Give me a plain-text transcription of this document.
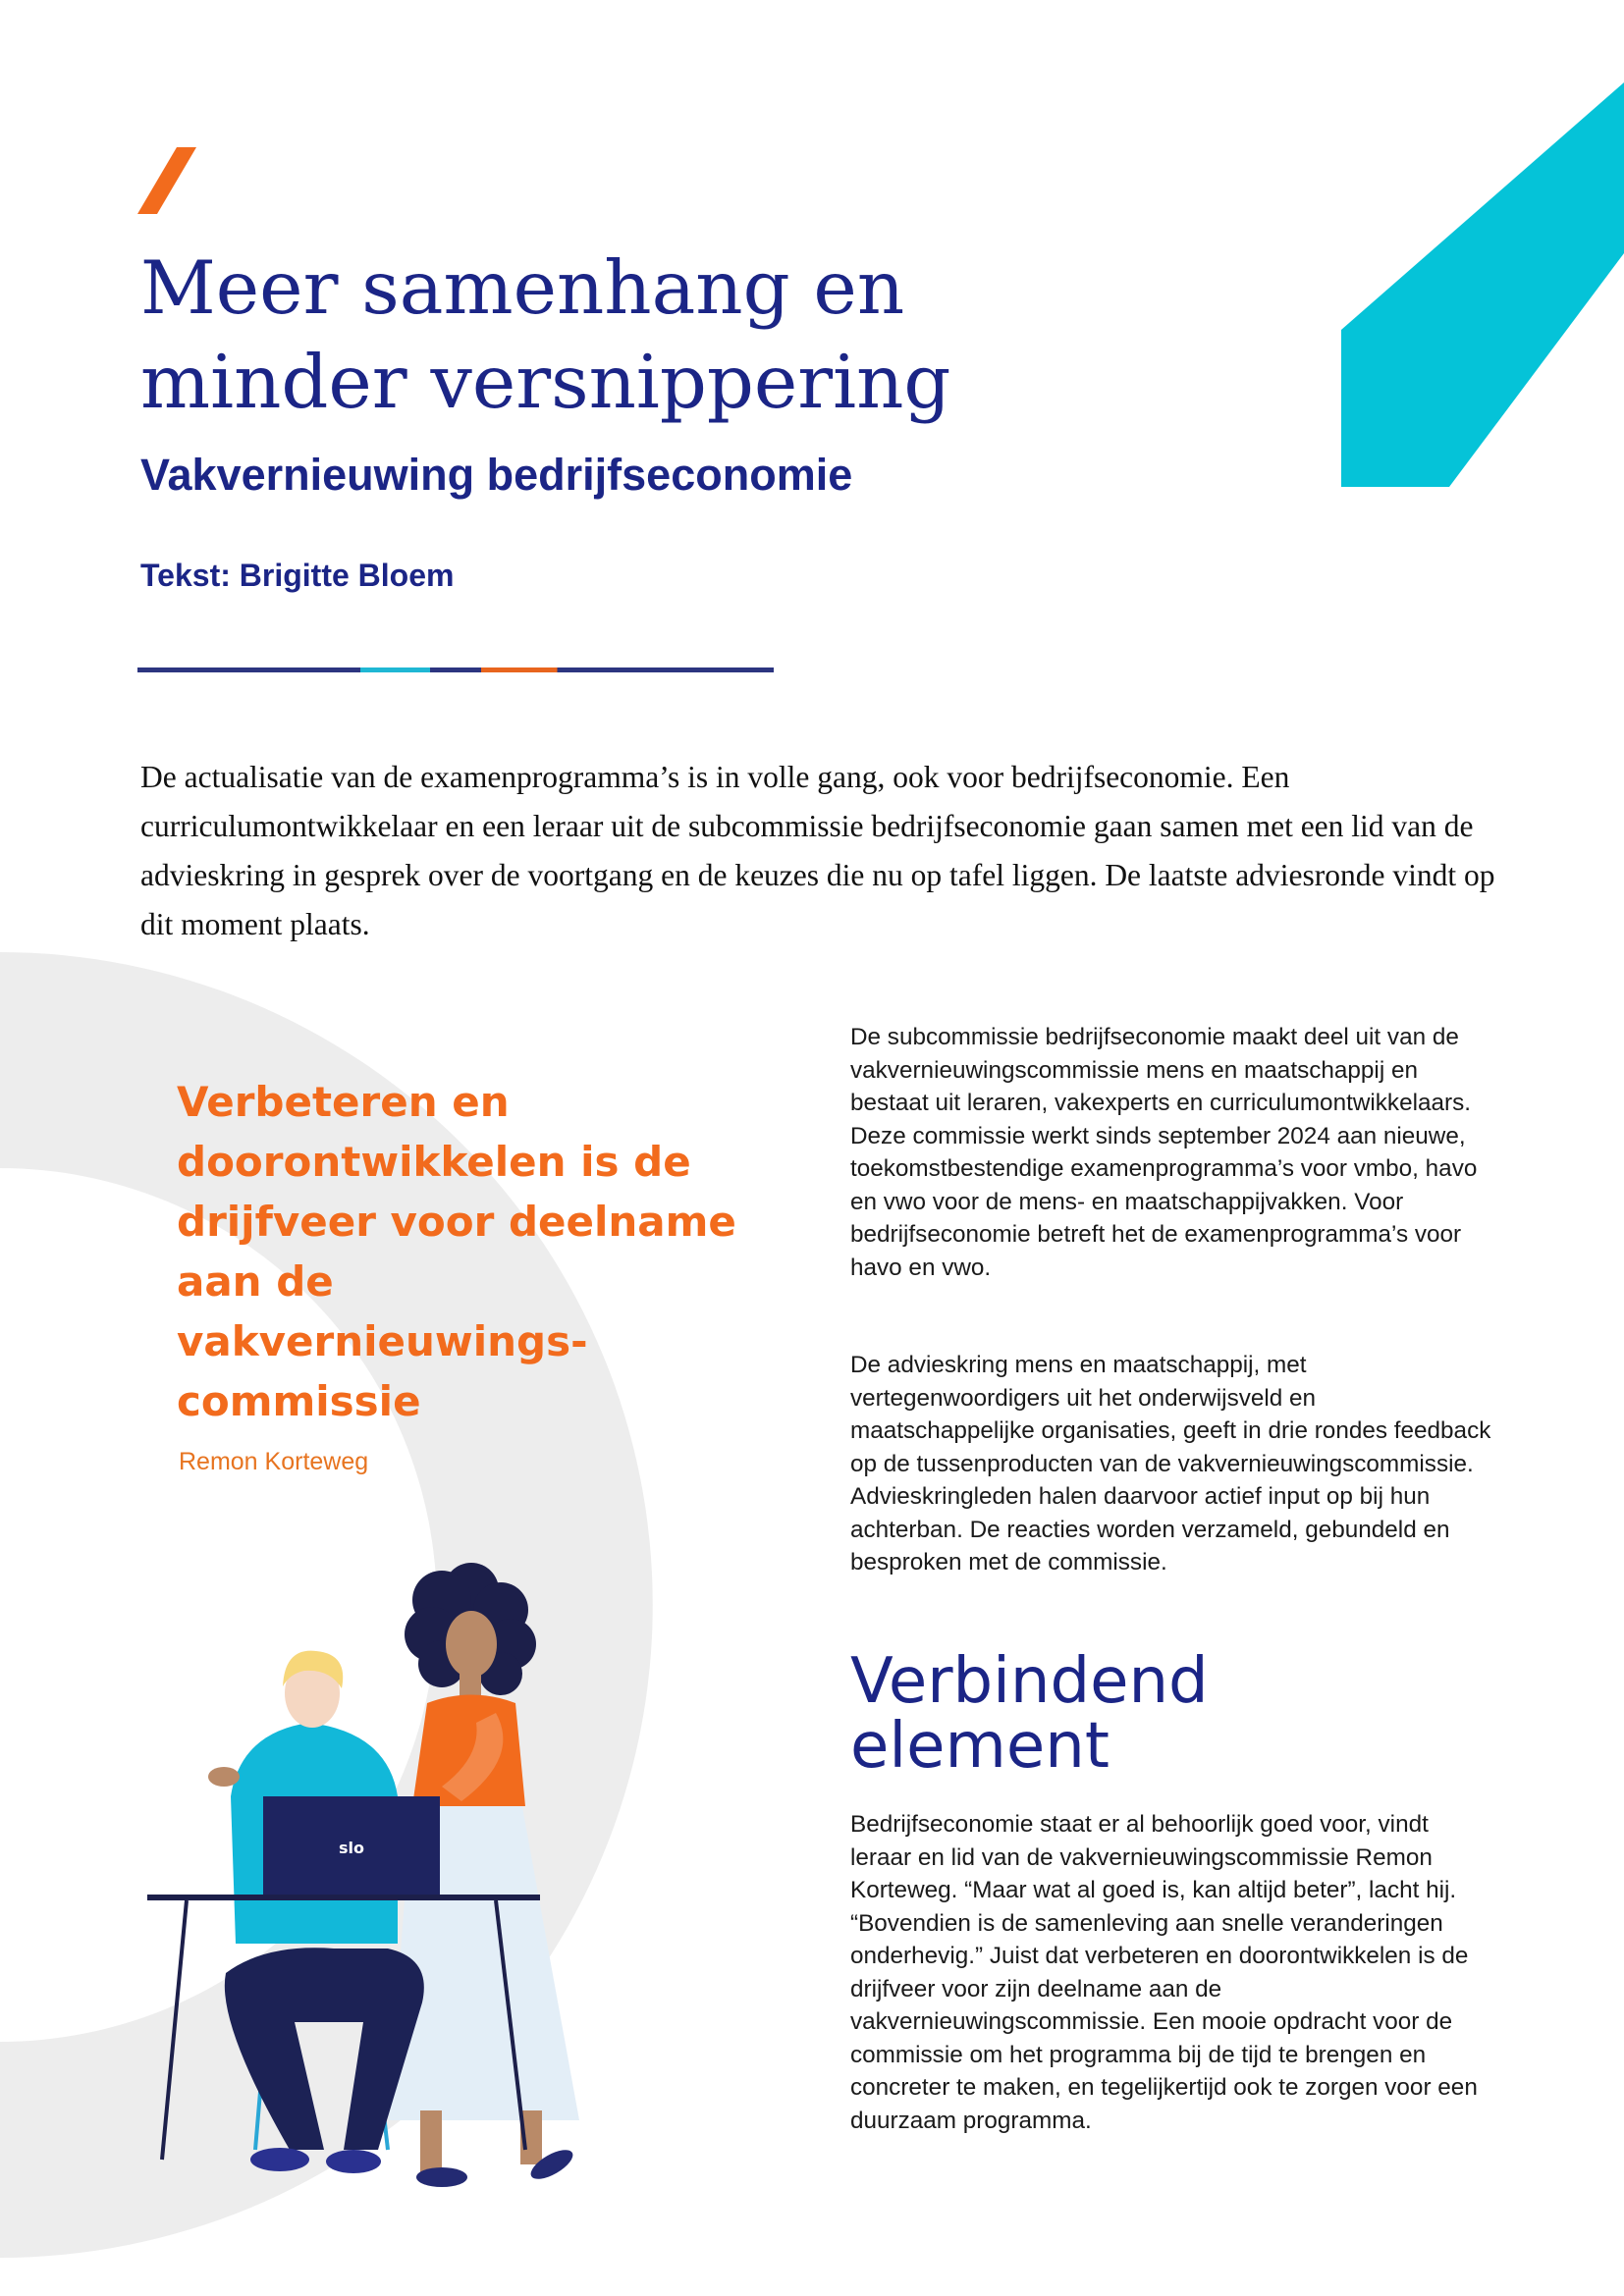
Meer samenhang en
minder versnippering
Vakvernieuwing bedrijfseconomie
Tekst: Brigitte Bloem

De actualisatie van de examenprogramma’s is in volle gang, ook voor bedrijfseconomie. Een curriculumontwikkelaar en een leraar uit de subcommissie bedrijfseconomie gaan samen met een lid van de advieskring in gesprek over de voortgang en de keuzes die nu op tafel liggen. De laatste adviesronde vindt op dit moment plaats.

Verbeteren en doorontwikkelen is de drijfveer voor deelname aan de vakvernieuwings-commissie

Remon Korteweg

De subcommissie bedrijfseconomie maakt deel uit van de vakvernieuwingscommissie mens en maatschappij en bestaat uit leraren, vakexperts en curriculumontwikkelaars. Deze commissie werkt sinds september 2024 aan nieuwe, toekomstbestendige examenprogramma’s voor vmbo, havo en vwo voor de mens- en maatschappijvakken. Voor bedrijfseconomie betreft het de examenprogramma’s voor havo en vwo.

De advieskring mens en maatschappij, met vertegenwoordigers uit het onderwijsveld en maatschappelijke organisaties, geeft in drie rondes feedback op de tussenproducten van de vakvernieuwingscommissie. Advieskringleden halen daarvoor actief input op bij hun achterban. De reacties worden verzameld, gebundeld en besproken met de commissie.

Verbindend
element

Bedrijfseconomie staat er al behoorlijk goed voor, vindt leraar en lid van de vakvernieuwingscommissie Remon Korteweg. “Maar wat al goed is, kan altijd beter”, lacht hij. “Bovendien is de samenleving aan snelle veranderingen onderhevig.” Juist dat verbeteren en doorontwikkelen is de drijfveer voor zijn deelname aan de vakvernieuwingscommissie. Een mooie opdracht voor de commissie om het programma bij de tijd te brengen en concreter te maken, en tegelijkertijd ook te zorgen voor een duurzaam programma.

slo
